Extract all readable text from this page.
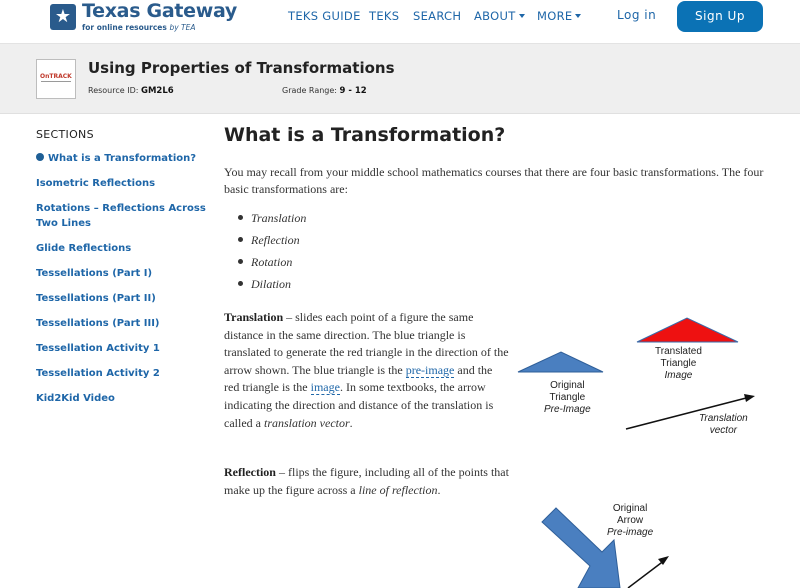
★ Texas Gateway
for online resources by TEA
TEKS GUIDE TEKS SEARCH ABOUT	MORE	Log in	Sign Up
OnTRACK Using Properties of Transformations
Resource ID: GM2L6	Grade Range: 9 - 12
SECTIONS
What is a Transformation?
Isometric Reflections
Rotations – Reflections Across Two Lines
Glide Reflections
Tessellations (Part I)
Tessellations (Part II)
Tessellations (Part III)
Tessellation Activity 1
Tessellation Activity 2
Kid2Kid Video
What is a Transformation?
You may recall from your middle school mathematics courses that there are four basic transformations. The four basic transformations are:
Translation
Reflection
Rotation
Dilation
Translation – slides each point of a figure the same distance in the same direction. The blue triangle is translated to generate the red triangle in the direction of the arrow shown. The blue triangle is the pre-image and the red triangle is the image. In some textbooks, the arrow indicating the direction and distance of the translation is called a translation vector.
Reflection – flips the figure, including all of the points that make up the figure across a line of reflection.
Original
Triangle
Pre-Image
Translated
Triangle
Image
Translation
vector
Original
Arrow
Pre-image
